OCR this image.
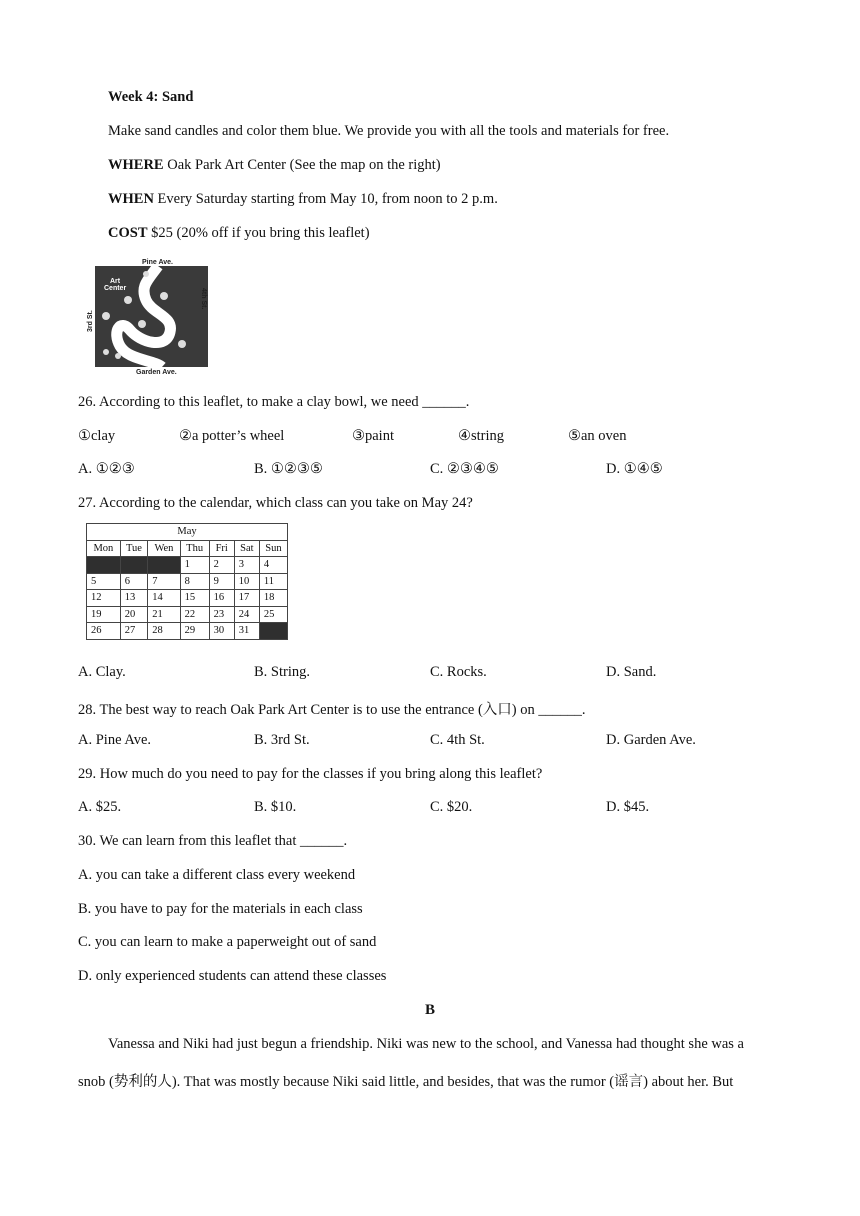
Week 4: Sand
Make sand candles and color them blue. We provide you with all the tools and materials for free.
WHERE Oak Park Art Center (See the map on the right)
WHEN Every Saturday starting from May 10, from noon to 2 p.m.
COST $25 (20% off if you bring this leaflet)
Pine Ave.
Garden Ave.
3rd St.
4th St.
Art
Center
26. According to this leaflet, to make a clay bowl, we need ______.
①clay	②a potter’s wheel	③paint	④string	⑤an oven
A. ①②③	B. ①②③⑤	C. ②③④⑤	D. ①④⑤
27. According to the calendar, which class can you take on May 24?
May						
Mon	Tue	Wen	Thu	Fri	Sat	Sun
			1	2	3	4
5	6	7	8	9	10	11
12	13	14	15	16	17	18
19	20	21	22	23	24	25
26	27	28	29	30	31	
A. Clay.	B. String.	C. Rocks.	D. Sand.
28. The best way to reach Oak Park Art Center is to use the entrance (入口) on ______.
A. Pine Ave.	B. 3rd St.	C. 4th St.	D. Garden Ave.
29. How much do you need to pay for the classes if you bring along this leaflet?
A. $25.	B. $10.	C. $20.	D. $45.
30. We can learn from this leaflet that ______.
A. you can take a different class every weekend
B. you have to pay for the materials in each class
C. you can learn to make a paperweight out of sand
D. only experienced students can attend these classes
B
Vanessa and Niki had just begun a friendship. Niki was new to the school, and Vanessa had thought she was a
snob (势利的人). That was mostly because Niki said little, and besides, that was the rumor (谣言) about her. But
